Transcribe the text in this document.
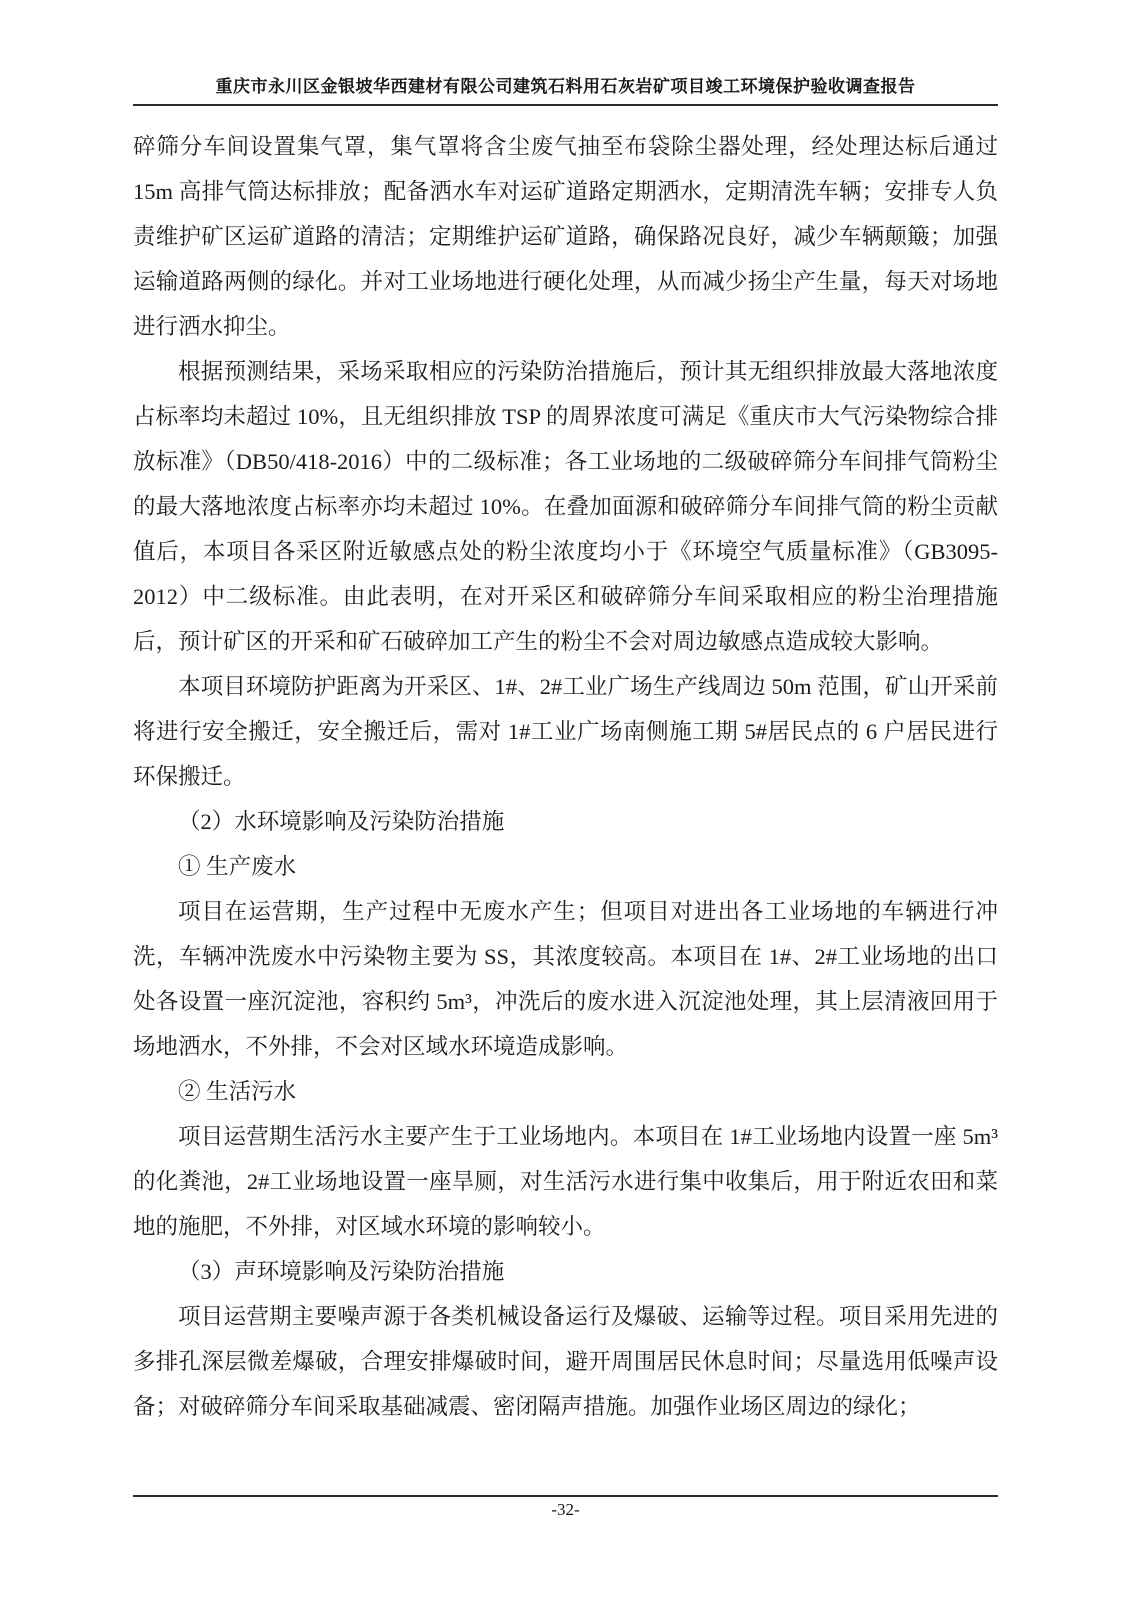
重庆市永川区金银坡华西建材有限公司建筑石料用石灰岩矿项目竣工环境保护验收调查报告

碎筛分车间设置集气罩，集气罩将含尘废气抽至布袋除尘器处理，经处理达标后通过 15m 高排气筒达标排放；配备洒水车对运矿道路定期洒水，定期清洗车辆；安排专人负责维护矿区运矿道路的清洁；定期维护运矿道路，确保路况良好，减少车辆颠簸；加强运输道路两侧的绿化。并对工业场地进行硬化处理，从而减少扬尘产生量，每天对场地进行洒水抑尘。

根据预测结果，采场采取相应的污染防治措施后，预计其无组织排放最大落地浓度占标率均未超过 10%，且无组织排放 TSP 的周界浓度可满足《重庆市大气污染物综合排放标准》（DB50/418-2016）中的二级标准；各工业场地的二级破碎筛分车间排气筒粉尘的最大落地浓度占标率亦均未超过 10%。在叠加面源和破碎筛分车间排气筒的粉尘贡献值后，本项目各采区附近敏感点处的粉尘浓度均小于《环境空气质量标准》（GB3095-2012）中二级标准。由此表明，在对开采区和破碎筛分车间采取相应的粉尘治理措施后，预计矿区的开采和矿石破碎加工产生的粉尘不会对周边敏感点造成较大影响。

本项目环境防护距离为开采区、1#、2#工业广场生产线周边 50m 范围，矿山开采前将进行安全搬迁，安全搬迁后，需对 1#工业广场南侧施工期 5#居民点的 6 户居民进行环保搬迁。

（2）水环境影响及污染防治措施

① 生产废水

项目在运营期，生产过程中无废水产生；但项目对进出各工业场地的车辆进行冲洗，车辆冲洗废水中污染物主要为 SS，其浓度较高。本项目在 1#、2#工业场地的出口处各设置一座沉淀池，容积约 5m³，冲洗后的废水进入沉淀池处理，其上层清液回用于场地洒水，不外排，不会对区域水环境造成影响。

② 生活污水

项目运营期生活污水主要产生于工业场地内。本项目在 1#工业场地内设置一座 5m³ 的化粪池，2#工业场地设置一座旱厕，对生活污水进行集中收集后，用于附近农田和菜地的施肥，不外排，对区域水环境的影响较小。

（3）声环境影响及污染防治措施

项目运营期主要噪声源于各类机械设备运行及爆破、运输等过程。项目采用先进的多排孔深层微差爆破，合理安排爆破时间，避开周围居民休息时间；尽量选用低噪声设备；对破碎筛分车间采取基础减震、密闭隔声措施。加强作业场区周边的绿化；

-32-
